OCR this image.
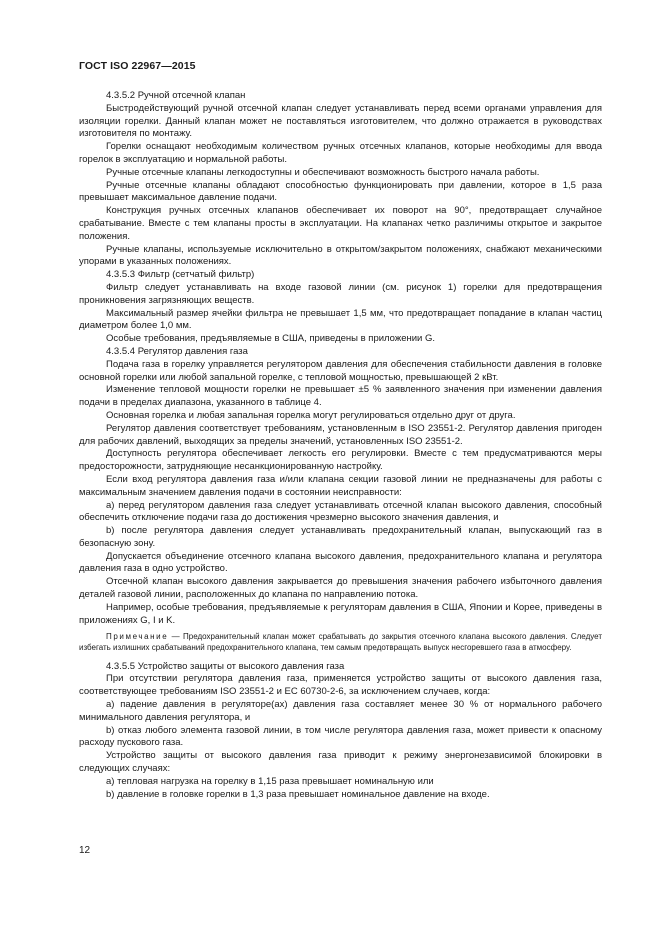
ГОСТ ISO 22967—2015

4.3.5.2 Ручной отсечной клапан

Быстродействующий ручной отсечной клапан следует устанавливать перед всеми органами управления для изоляции горелки. Данный клапан может не поставляться изготовителем, что должно отражается в руководствах изготовителя по монтажу.

Горелки оснащают необходимым количеством ручных отсечных клапанов, которые необходимы для ввода горелок в эксплуатацию и нормальной работы.

Ручные отсечные клапаны легкодоступны и обеспечивают возможность быстрого начала работы.

Ручные отсечные клапаны обладают способностью функционировать при давлении, которое в 1,5 раза превышает максимальное давление подачи.

Конструкция ручных отсечных клапанов обеспечивает их поворот на 90°, предотвращает случайное срабатывание. Вместе с тем клапаны просты в эксплуатации. На клапанах четко различимы открытое и закрытое положения.

Ручные клапаны, используемые исключительно в открытом/закрытом положениях, снабжают механическими упорами в указанных положениях.

4.3.5.3 Фильтр (сетчатый фильтр)

Фильтр следует устанавливать на входе газовой линии (см. рисунок 1) горелки для предотвращения проникновения загрязняющих веществ.

Максимальный размер ячейки фильтра не превышает 1,5 мм, что предотвращает попадание в клапан частиц диаметром более 1,0 мм.

Особые требования, предъявляемые в США, приведены в приложении G.

4.3.5.4 Регулятор давления газа

Подача газа в горелку управляется регулятором давления для обеспечения стабильности давления в головке основной горелки или любой запальной горелке, с тепловой мощностью, превышающей 2 кВт.

Изменение тепловой мощности горелки не превышает ±5 % заявленного значения при изменении давления подачи в пределах диапазона, указанного в таблице 4.

Основная горелка и любая запальная горелка могут регулироваться отдельно друг от друга.

Регулятор давления соответствует требованиям, установленным в ISO 23551-2. Регулятор давления пригоден для рабочих давлений, выходящих за пределы значений, установленных ISO 23551-2.

Доступность регулятора обеспечивает легкость его регулировки. Вместе с тем предусматриваются меры предосторожности, затрудняющие несанкционированную настройку.

Если вход регулятора давления газа и/или клапана секции газовой линии не предназначены для работы с максимальным значением давления подачи в состоянии неисправности:

a) перед регулятором давления газа следует устанавливать отсечной клапан высокого давления, способный обеспечить отключение подачи газа до достижения чрезмерно высокого значения давления, и

b) после регулятора давления следует устанавливать предохранительный клапан, выпускающий газ в безопасную зону.

Допускается объединение отсечного клапана высокого давления, предохранительного клапана и регулятора давления газа в одно устройство.

Отсечной клапан высокого давления закрывается до превышения значения рабочего избыточного давления деталей газовой линии, расположенных до клапана по направлению потока.

Например, особые требования, предъявляемые к регуляторам давления в США, Японии и Корее, приведены в приложениях G, I и K.

Примечание — Предохранительный клапан может срабатывать до закрытия отсечного клапана высокого давления. Следует избегать излишних срабатываний предохранительного клапана, тем самым предотвращать выпуск несгоревшего газа в атмосферу.

4.3.5.5 Устройство защиты от высокого давления газа

При отсутствии регулятора давления газа, применяется устройство защиты от высокого давления газа, соответствующее требованиям ISO 23551-2 и ЕС 60730-2-6, за исключением случаев, когда:

a) падение давления в регуляторе(ах) давления газа составляет менее 30 % от нормального рабочего минимального давления регулятора, и

b) отказ любого элемента газовой линии, в том числе регулятора давления газа, может привести к опасному расходу пускового газа.

Устройство защиты от высокого давления газа приводит к режиму энергонезависимой блокировки в следующих случаях:

a) тепловая нагрузка на горелку в 1,15 раза превышает номинальную или

b) давление в головке горелки в 1,3 раза превышает номинальное давление на входе.

12
